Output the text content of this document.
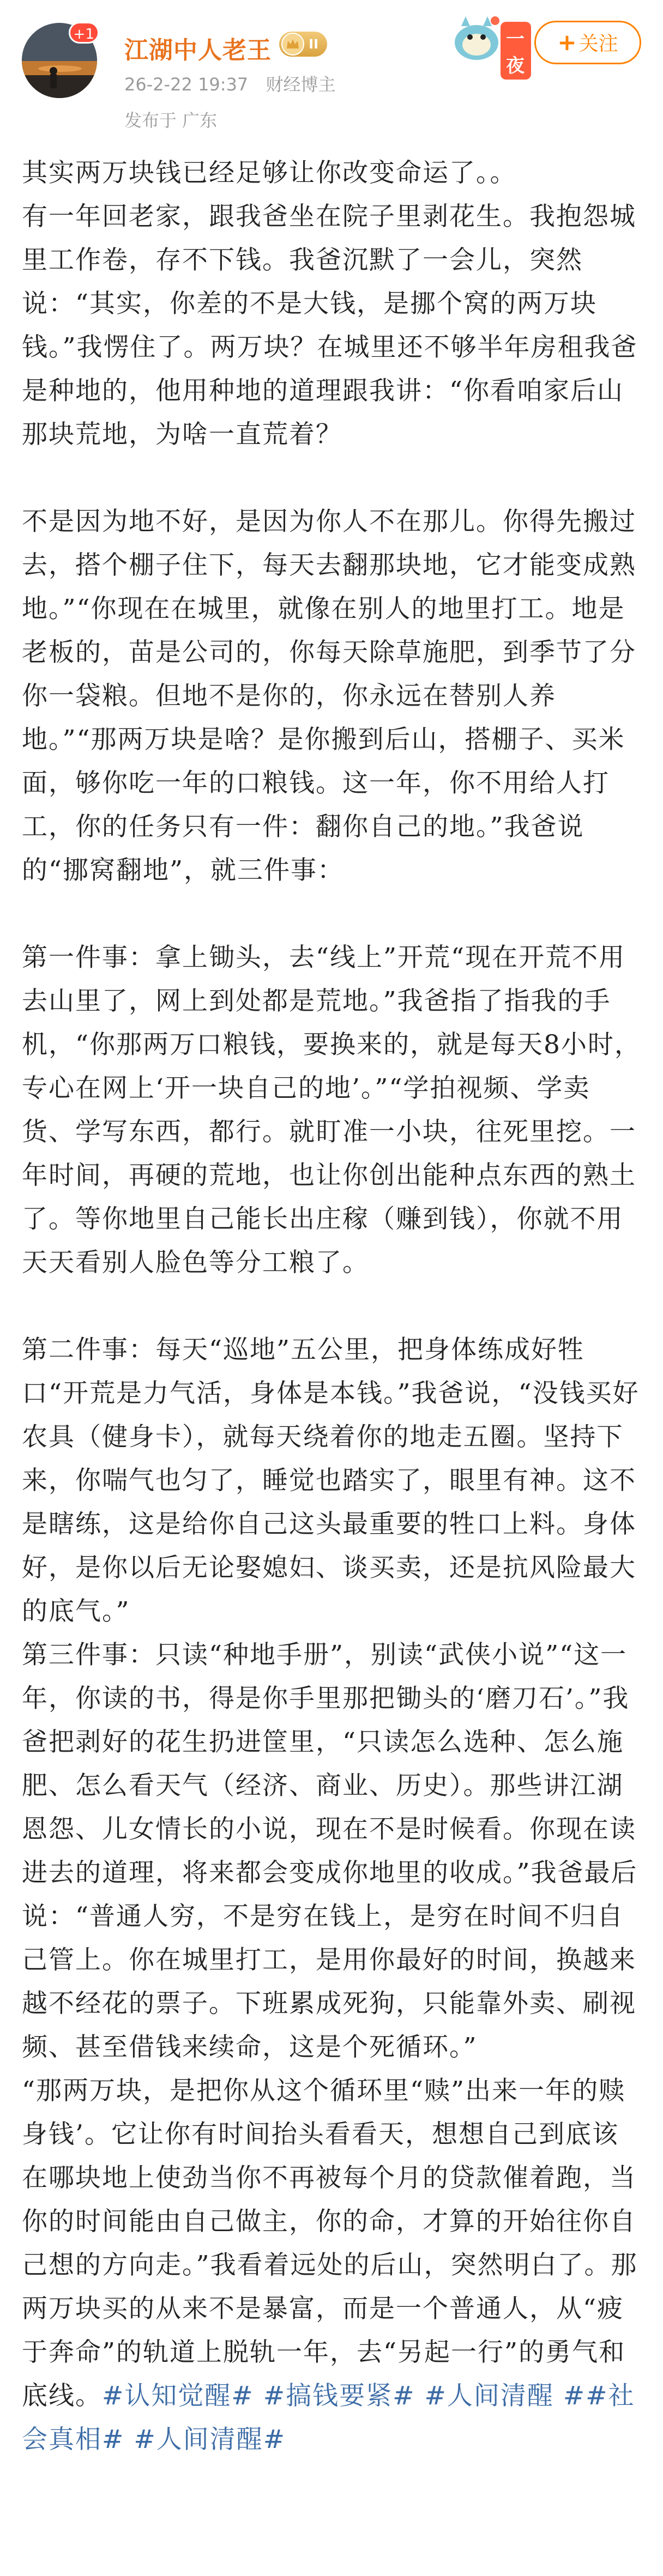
+1
江湖中人老王	II
26-2-22 19:37 财经博主
发布于 广东
一夜
+ 关注

其实两万块钱已经足够让你改变命运了。。

有一年回老家，跟我爸坐在院子里剥花生。我抱怨城里工作卷，存不下钱。我爸沉默了一会儿，突然说：“其实，你差的不是大钱，是挪个窝的两万块钱。”我愣住了。两万块？在城里还不够半年房租我爸是种地的，他用种地的道理跟我讲：“你看咱家后山那块荒地，为啥一直荒着？

不是因为地不好，是因为你人不在那儿。你得先搬过去，搭个棚子住下，每天去翻那块地，它才能变成熟地。”“你现在在城里，就像在别人的地里打工。地是老板的，苗是公司的，你每天除草施肥，到季节了分你一袋粮。但地不是你的，你永远在替别人养地。”“那两万块是啥？是你搬到后山，搭棚子、买米面，够你吃一年的口粮钱。这一年，你不用给人打工，你的任务只有一件：翻你自己的地。”我爸说的“挪窝翻地”，就三件事：

第一件事：拿上锄头，去“线上”开荒“现在开荒不用去山里了，网上到处都是荒地。”我爸指了指我的手机，“你那两万口粮钱，要换来的，就是每天8小时，专心在网上‘开一块自己的地’。”“学拍视频、学卖货、学写东西，都行。就盯准一小块，往死里挖。一年时间，再硬的荒地，也让你创出能种点东西的熟土了。等你地里自己能长出庄稼（赚到钱），你就不用天天看别人脸色等分工粮了。

第二件事：每天“巡地”五公里，把身体练成好牲口“开荒是力气活，身体是本钱。”我爸说，“没钱买好农具（健身卡），就每天绕着你的地走五圈。坚持下来，你喘气也匀了，睡觉也踏实了，眼里有神。这不是瞎练，这是给你自己这头最重要的牲口上料。身体好，是你以后无论娶媳妇、谈买卖，还是抗风险最大的底气。”

第三件事：只读“种地手册”，别读“武侠小说”“这一年，你读的书，得是你手里那把锄头的‘磨刀石’。”我爸把剥好的花生扔进筐里，“只读怎么选种、怎么施肥、怎么看天气（经济、商业、历史）。那些讲江湖恩怨、儿女情长的小说，现在不是时候看。你现在读进去的道理，将来都会变成你地里的收成。”我爸最后说：“普通人穷，不是穷在钱上，是穷在时间不归自己管上。你在城里打工，是用你最好的时间，换越来越不经花的票子。下班累成死狗，只能靠外卖、刷视频、甚至借钱来续命，这是个死循环。”

“那两万块，是把你从这个循环里“赎”出来一年的赎身钱’。它让你有时间抬头看看天，想想自己到底该在哪块地上使劲当你不再被每个月的贷款催着跑，当你的时间能由自己做主，你的命，才算的开始往你自己想的方向走。”我看着远处的后山，突然明白了。那两万块买的从来不是暴富，而是一个普通人，从“疲于奔命”的轨道上脱轨一年，去“另起一行”的勇气和底线。#认知觉醒# #搞钱要紧# #人间清醒 ##社会真相# #人间清醒#
